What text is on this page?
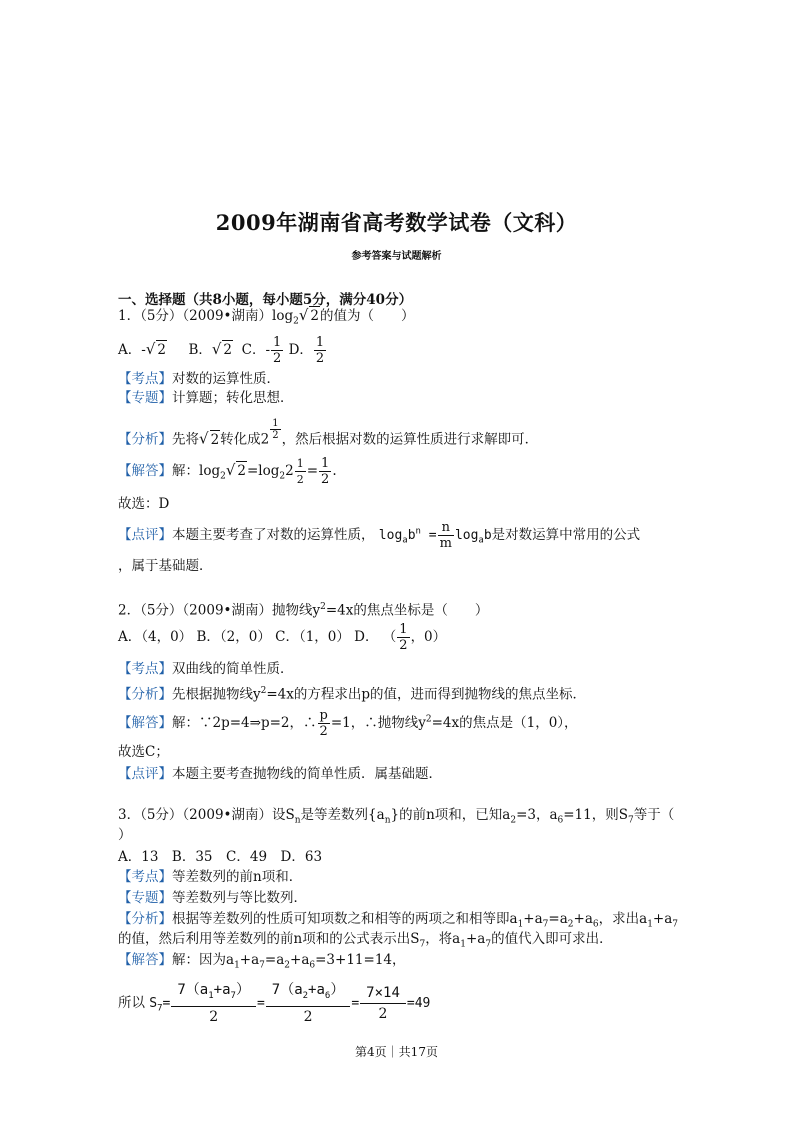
2009年湖南省高考数学试卷（文科）
参考答案与试题解析
一、选择题（共8小题，每小题5分，满分40分）
1．（5分）（2009•湖南）$\log_2√$ 2的值为（　　）
A．-√ 2 B．√ 2 C．- $\frac{1}{2}$ D． $\frac{1}{2}$
【考点】对数的运算性质．
【专题】计算题；转化思想．
【分析】先将√ 2转化成2 $^{\frac{1}{2}}$ ，然后根据对数的运算性质进行求解即可．
【解答】解：$\log_2√$ $2=\log_22 \frac{1}{2} = \frac{1}{2}$ .
故选：D
【点评】本题主要考查了对数的运算性质， $\log_ab^n = \frac{n}{m} \log_ab$是对数运算中常用的公式
，属于基础题．
2．（5分）（2009•湖南）抛物线$y^2=4x$的焦点坐标是（　　）
A．（4，0） B．（2，0） C．（1，0） D． （ $\frac{1}{2}$ ，0）
【考点】双曲线的简单性质．
【分析】先根据抛物线$y^2=4x$的方程求出p的值，进而得到抛物线的焦点坐标．
【解答】解：∵2p=4⇒p=2，∴ $\frac{p}{2} =1$，∴抛物线$y^2=4x$的焦点是（1，0），
故选C；
【点评】本题主要考查抛物线的简单性质．属基础题．
3．（5分）（2009•湖南）设$S_n$是等差数列$\{a_n\}$的前n项和，已知$a_2=3$，$a_6=11$，则$S_7$等于（
）
A．13　B．35　C．49　D．63
【考点】等差数列的前n项和．
【专题】等差数列与等比数列．
【分析】根据等差数列的性质可知项数之和相等的两项之和相等即$a_1+a_7=a_2+a_6$，求出$a_1+a_7$
的值，然后利用等差数列的前n项和的公式表示出$S_7$，将$a_1+a_7$的值代入即可求出．
【解答】解：因为$a_1+a_7=a_2+a_6=3+11=14$，
所以 $S_7= \frac{7(a_1+a_7)}{2} = \frac{7(a_2+a_6)}{2} = \frac{7\times 14}{2} =49$
第4页｜共17页
